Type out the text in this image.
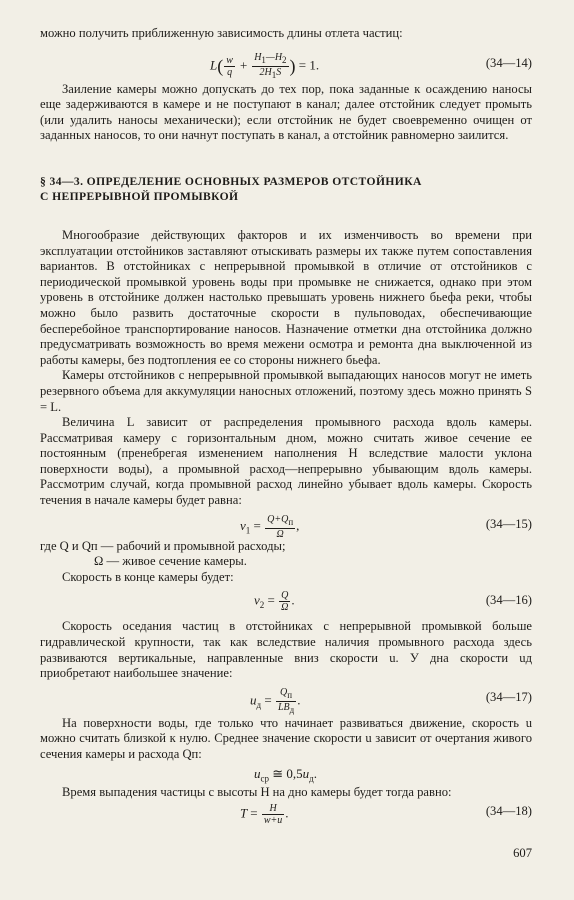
можно получить приближенную зависимость длины отлета частиц:

$L( \frac{w}{q} + \frac{H_1—H_2}{2H_1S}$ ) = 1.	(34—14)

Заиление камеры можно допускать до тех пор, пока заданные к осаждению наносы еще задерживаются в камере и не поступают в канал; далее отстойник следует промыть (или удалить наносы механически); если отстойник не будет своевременно очищен от заданных наносов, то они начнут поступать в канал, а отстойник равномерно заилится.

§ 34—3. ОПРЕДЕЛЕНИЕ ОСНОВНЫХ РАЗМЕРОВ ОТСТОЙНИКА
С НЕПРЕРЫВНОЙ ПРОМЫВКОЙ

Многообразие действующих факторов и их изменчивость во времени при эксплуатации отстойников заставляют отыскивать размеры их также путем сопоставления вариантов. В отстойниках с непрерывной промывкой в отличие от отстойников с периодической промывкой уровень воды при промывке не снижается, однако при этом уровень в отстойнике должен настолько превышать уровень нижнего бьефа реки, чтобы можно было развить достаточные скорости в пульповодах, обеспечивающие бесперебойное транспортирование наносов. Назначение отметки дна отстойника должно предусматривать возможность во время межени осмотра и ремонта дна выключенной из работы камеры, без подтопления ее со стороны нижнего бьефа.

Камеры отстойников с непрерывной промывкой выпадающих наносов могут не иметь резервного объема для аккумуляции наносных отложений, поэтому здесь можно принять S = L.

Величина L зависит от распределения промывного расхода вдоль камеры. Рассматривая камеру с горизонтальным дном, можно считать живое сечение ее постоянным (пренебрегая изменением наполнения H вследствие малости уклона поверхности воды), а промывной расход—непрерывно убывающим вдоль камеры. Рассмотрим случай, когда промывной расход линейно убывает вдоль камеры. Скорость течения в начале камеры будет равна:

$v_1 = \frac{Q+Q_п}{\Omega}$ ,	(34—15)

где Q и Qп — рабочий и промывной расходы;

Ω — живое сечение камеры.

Скорость в конце камеры будет:

$v_2 = \frac{Q}{\Omega}$ .	(34—16)

Скорость оседания частиц в отстойниках с непрерывной промывкой больше гидравлической крупности, так как вследствие наличия промывного расхода здесь развиваются вертикальные, направленные вниз скорости u. У дна скорости uд приобретают наибольшее значение:

$u_д = \frac{Q_п}{LB_д}$ .	(34—17)

На поверхности воды, где только что начинает развиваться движение, скорость u можно считать близкой к нулю. Среднее значение скорости u зависит от очертания живого сечения камеры и расхода Qп:

$u_{ср}$ ≅ $0,5u_д$.

Время выпадения частицы с высоты H на дно камеры будет тогда равно:

$T = \frac{H}{w+u}$ .	(34—18)
607
